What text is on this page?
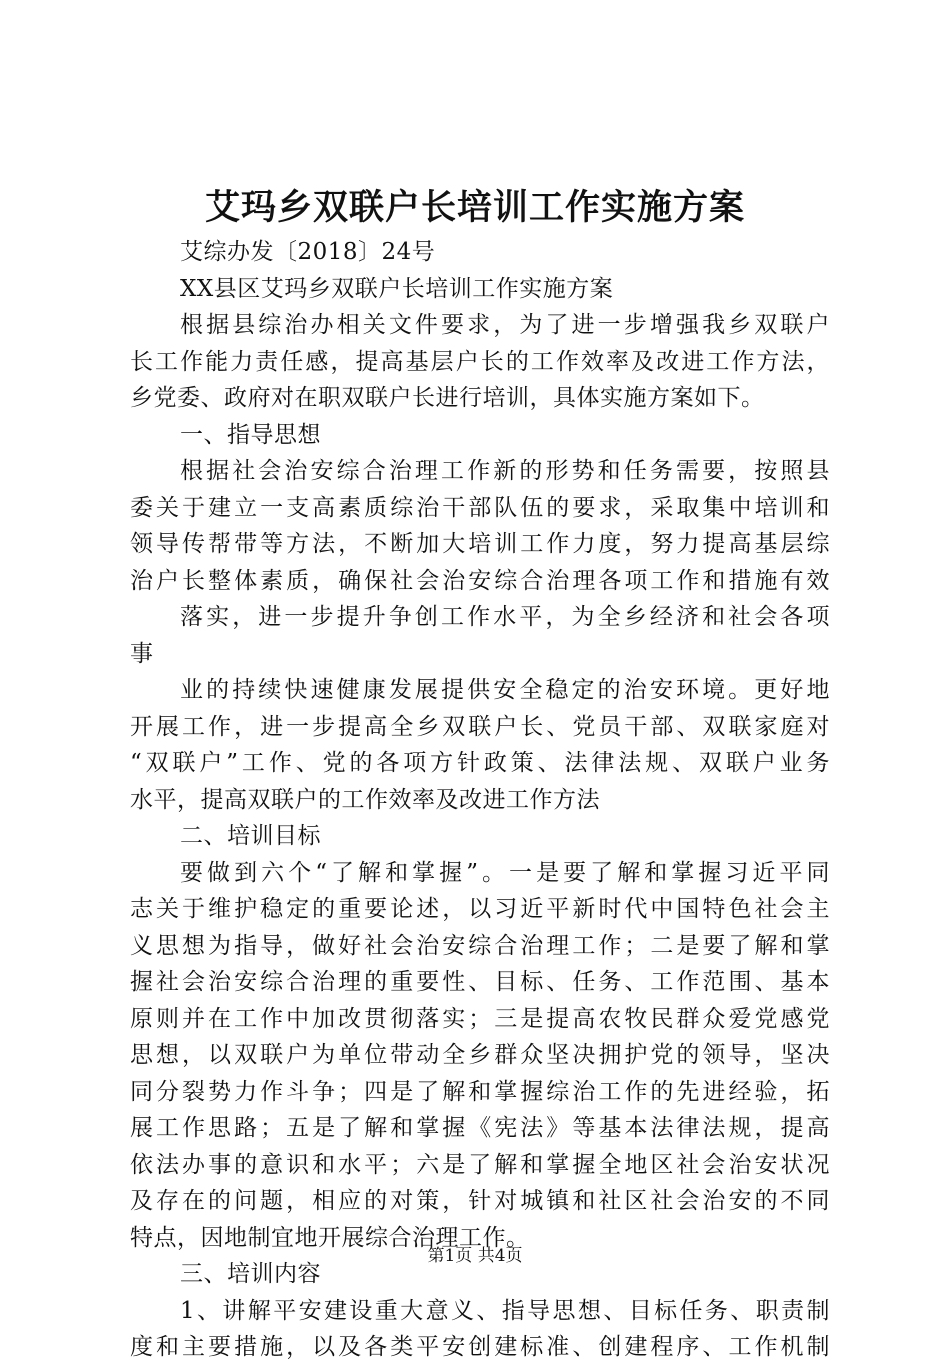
艾玛乡双联户长培训工作实施方案
艾综办发〔2018〕24号
XX县区艾玛乡双联户长培训工作实施方案
根据县综治办相关文件要求，为了进一步增强我乡双联户
长工作能力责任感，提高基层户长的工作效率及改进工作方法，
乡党委、政府对在职双联户长进行培训，具体实施方案如下。
一、指导思想
根据社会治安综合治理工作新的形势和任务需要，按照县
委关于建立一支高素质综治干部队伍的要求，采取集中培训和
领导传帮带等方法，不断加大培训工作力度，努力提高基层综
治户长整体素质，确保社会治安综合治理各项工作和措施有效
落实，进一步提升争创工作水平，为全乡经济和社会各项
事
业的持续快速健康发展提供安全稳定的治安环境。更好地
开展工作，进一步提高全乡双联户长、党员干部、双联家庭对
“双联户”工作、党的各项方针政策、法律法规、双联户业务
水平，提高双联户的工作效率及改进工作方法
二、培训目标
要做到六个“了解和掌握”。一是要了解和掌握习近平同
志关于维护稳定的重要论述，以习近平新时代中国特色社会主
义思想为指导，做好社会治安综合治理工作；二是要了解和掌
握社会治安综合治理的重要性、目标、任务、工作范围、基本
原则并在工作中加改贯彻落实；三是提高农牧民群众爱党感党
思想，以双联户为单位带动全乡群众坚决拥护党的领导，坚决
同分裂势力作斗争；四是了解和掌握综治工作的先进经验，拓
展工作思路；五是了解和掌握《宪法》等基本法律法规，提高
依法办事的意识和水平；六是了解和掌握全地区社会治安状况
及存在的问题，相应的对策，针对城镇和社区社会治安的不同
特点，因地制宜地开展综合治理工作。
三、培训内容
1、讲解平安建设重大意义、指导思想、目标任务、职责制
度和主要措施，以及各类平安创建标准、创建程序、工作机制
第1页 共4页
